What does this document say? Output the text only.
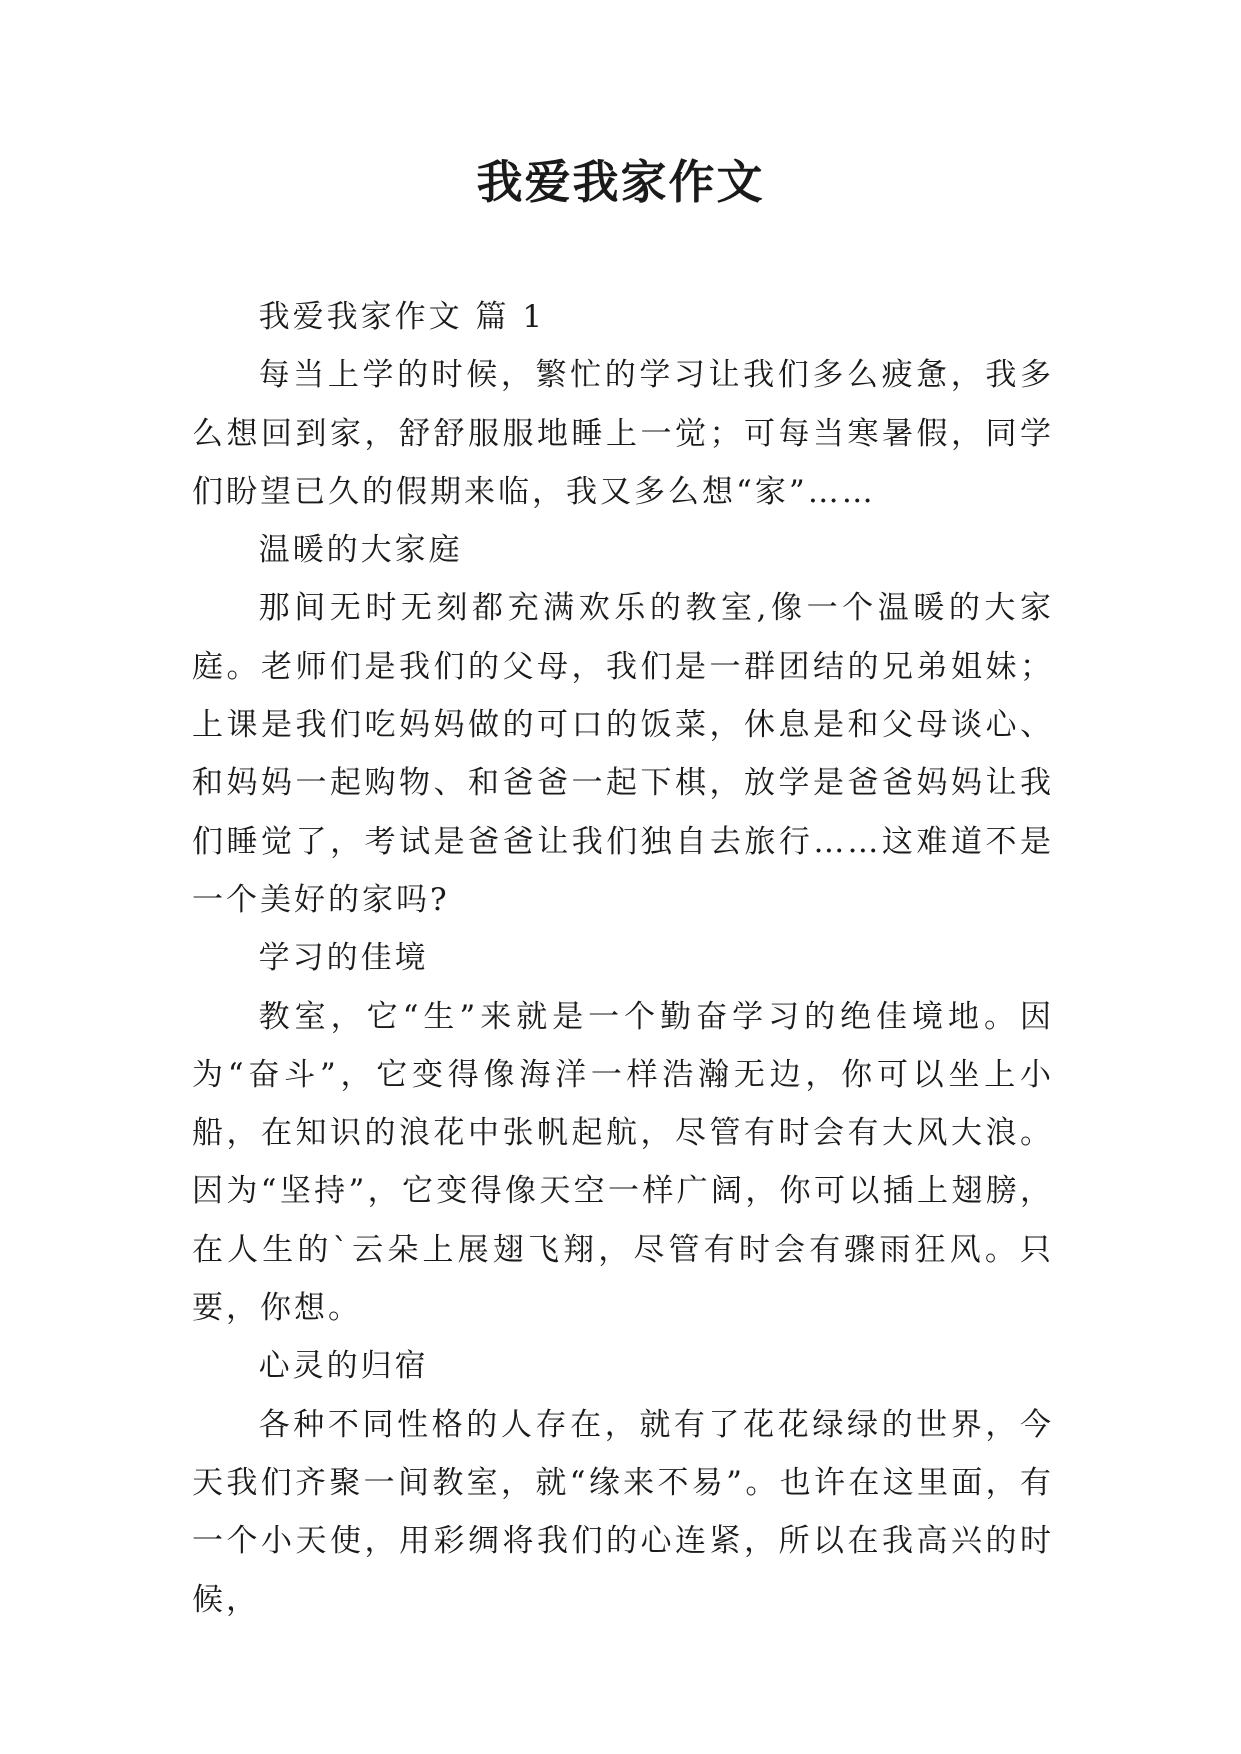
我爱我家作文

我爱我家作文 篇 1

每当上学的时候，繁忙的学习让我们多么疲惫，我多么想回到家，舒舒服服地睡上一觉；可每当寒暑假，同学们盼望已久的假期来临，我又多么想“家”……

温暖的大家庭

那间无时无刻都充满欢乐的教室,像一个温暖的大家庭。老师们是我们的父母，我们是一群团结的兄弟姐妹；上课是我们吃妈妈做的可口的饭菜，休息是和父母谈心、和妈妈一起购物、和爸爸一起下棋，放学是爸爸妈妈让我们睡觉了，考试是爸爸让我们独自去旅行……这难道不是一个美好的家吗?

学习的佳境

教室，它“生”来就是一个勤奋学习的绝佳境地。因为“奋斗”，它变得像海洋一样浩瀚无边，你可以坐上小船，在知识的浪花中张帆起航，尽管有时会有大风大浪。因为“坚持”，它变得像天空一样广阔，你可以插上翅膀，在人生的`云朵上展翅飞翔，尽管有时会有骤雨狂风。只要，你想。

心灵的归宿

各种不同性格的人存在，就有了花花绿绿的世界，今天我们齐聚一间教室，就“缘来不易”。也许在这里面，有一个小天使，用彩绸将我们的心连紧，所以在我高兴的时候，
